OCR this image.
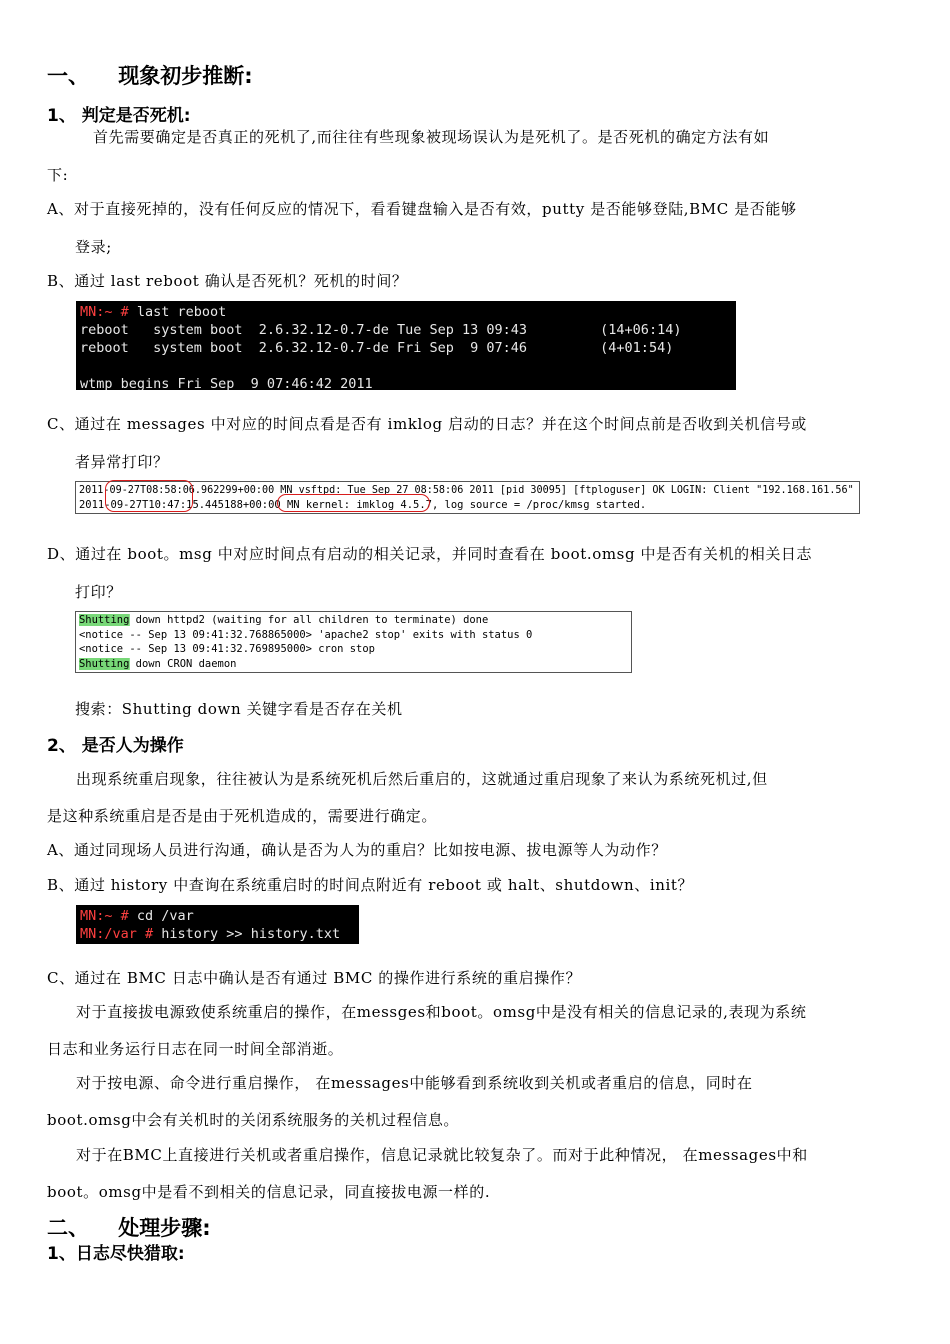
一、    现象初步推断:
1、 判定是否死机:
首先需要确定是否真正的死机了,而往往有些现象被现场误认为是死机了。是否死机的确定方法有如
下:
A、对于直接死掉的，没有任何反应的情况下，看看键盘输入是否有效，putty 是否能够登陆,BMC 是否能够
登录;
B、通过 last reboot 确认是否死机？死机的时间？
MN:~ # last reboot
reboot   system boot  2.6.32.12-0.7-de Tue Sep 13 09:43         (14+06:14)
reboot   system boot  2.6.32.12-0.7-de Fri Sep  9 07:46         (4+01:54)
wtmp begins Fri Sep  9 07:46:42 2011
C、通过在 messages 中对应的时间点看是否有 imklog 启动的日志？并在这个时间点前是否收到关机信号或
者异常打印？
2011-09-27T08:58:06.962299+00:00 MN vsftpd: Tue Sep 27 08:58:06 2011 [pid 30095] [ftploguser] OK LOGIN: Client "192.168.161.56"
2011-09-27T10:47:15.445188+00:00 MN kernel: imklog 4.5.7, log source = /proc/kmsg started.
D、通过在 boot。msg 中对应时间点有启动的相关记录，并同时查看在 boot.omsg 中是否有关机的相关日志
打印？
Shutting down httpd2 (waiting for all children to terminate) done
<notice -- Sep 13 09:41:32.768865000> 'apache2 stop' exits with status 0
<notice -- Sep 13 09:41:32.769895000> cron stop
Shutting down CRON daemon
搜索：Shutting down 关键字看是否存在关机
2、 是否人为操作
出现系统重启现象，往往被认为是系统死机后然后重启的，这就通过重启现象了来认为系统死机过,但
是这种系统重启是否是由于死机造成的，需要进行确定。
A、通过同现场人员进行沟通，确认是否为人为的重启？比如按电源、拔电源等人为动作？
B、通过 history 中查询在系统重启时的时间点附近有 reboot 或 halt、shutdown、init？
MN:~ # cd /var
MN:/var # history >> history.txt
C、通过在 BMC 日志中确认是否有通过 BMC 的操作进行系统的重启操作？
对于直接拔电源致使系统重启的操作，在messges和boot。omsg中是没有相关的信息记录的,表现为系统
日志和业务运行日志在同一时间全部消逝。
对于按电源、命令进行重启操作， 在messages中能够看到系统收到关机或者重启的信息，同时在
boot.omsg中会有关机时的关闭系统服务的关机过程信息。
对于在BMC上直接进行关机或者重启操作，信息记录就比较复杂了。而对于此种情况， 在messages中和
boot。omsg中是看不到相关的信息记录，同直接拔电源一样的.
二、    处理步骤:
1、日志尽快猎取:
